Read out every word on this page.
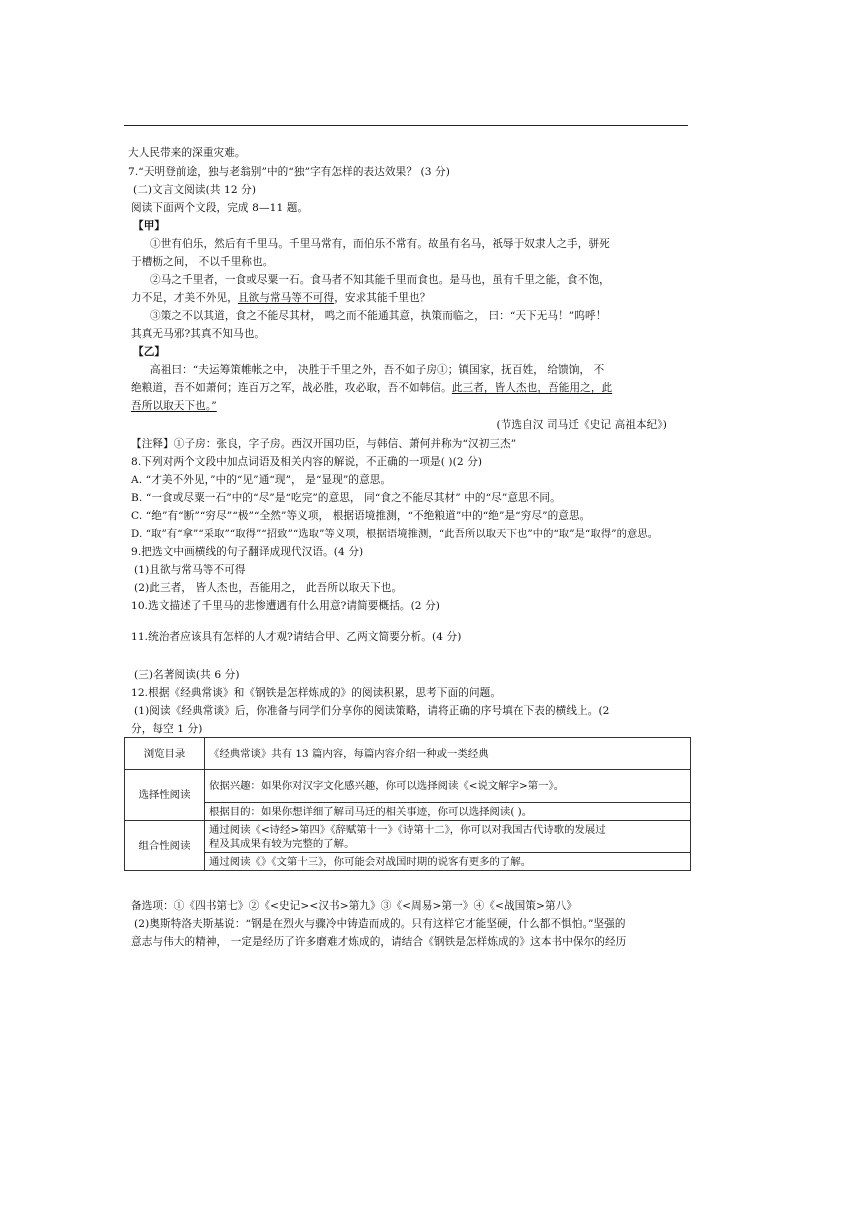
大人民带来的深重灾难。
7.“天明登前途，独与老翁别”中的“独”字有怎样的表达效果？ (3 分)
(二)文言文阅读(共 12 分)
阅读下面两个文段，完成 8—11 题。
【甲】
①世有伯乐，然后有千里马。千里马常有，而伯乐不常有。故虽有名马，祇辱于奴隶人之手，骈死
于槽枥之间， 不以千里称也。
②马之千里者，一食或尽粟一石。食马者不知其能千里而食也。是马也，虽有千里之能，食不饱，
力不足，才美不外见，且欲与常马等不可得，安求其能千里也？
③策之不以其道，食之不能尽其材， 鸣之而不能通其意，执策而临之， 曰：“天下无马！”呜呼！
其真无马邪?其真不知马也。
【乙】
高祖曰：“夫运筹策帷帐之中， 决胜于千里之外，吾不如子房①；镇国家，抚百姓， 给馈饷， 不
绝粮道，吾不如萧何；连百万之军，战必胜，攻必取，吾不如韩信。此三者，皆人杰也，吾能用之，此
吾所以取天下也。”
(节选自汉 司马迁《史记 高祖本纪》)
【注释】①子房：张良，字子房。西汉开国功臣，与韩信、萧何并称为“汉初三杰”
8.下列对两个文段中加点词语及相关内容的解说，不正确的一项是( )(2 分)
A. “才美不外见，”中的“见”通“现”， 是“显现”的意思。
B. “一食或尽粟一石”中的“尽”是“吃完”的意思， 同“食之不能尽其材” 中的“尽”意思不同。
C. “绝”有“断”“穷尽”“极”“全然”等义项， 根据语境推测，“不绝粮道”中的“绝”是“穷尽”的意思。
D. “取”有“拿”“采取”“取得”“招致”“选取”等义项，根据语境推测，“此吾所以取天下也”中的“取”是“取得”的意思。
9.把选文中画横线的句子翻译成现代汉语。(4 分)
(1)且欲与常马等不可得
(2)此三者， 皆人杰也，吾能用之， 此吾所以取天下也。
10.选文描述了千里马的悲惨遭遇有什么用意?请简要概括。(2 分)
11.统治者应该具有怎样的人才观?请结合甲、乙两文简要分析。(4 分)
(三)名著阅读(共 6 分)
12.根据《经典常谈》和《钢铁是怎样炼成的》的阅读积累，思考下面的问题。
(1)阅读《经典常谈》后，你准备与同学们分享你的阅读策略，请将正确的序号填在下表的横线上。(2
分，每空 1 分)
浏览目录	《经典常谈》共有 13 篇内容，每篇内容介绍一种或一类经典
选择性阅读	依据兴趣：如果你对汉字文化感兴趣，你可以选择阅读《<说文解字>第一》。
	根据目的：如果你想详细了解司马迁的相关事迹，你可以选择阅读( )。
组合性阅读	通过阅读《<诗经>第四》《辞赋第十一》《诗第十二》，你可以对我国古代诗歌的发展过
程及其成果有较为完整的了解。
	通过阅读《》《文第十三》，你可能会对战国时期的说客有更多的了解。
备选项：①《四书第七》②《<史记><汉书>第九》③《<周易>第一》④《<战国策>第八》
(2)奥斯特洛夫斯基说：“钢是在烈火与骤冷中铸造而成的。只有这样它才能坚硬，什么都不惧怕。”坚强的
意志与伟大的精神， 一定是经历了许多磨难才炼成的，请结合《钢铁是怎样炼成的》这本书中保尔的经历
